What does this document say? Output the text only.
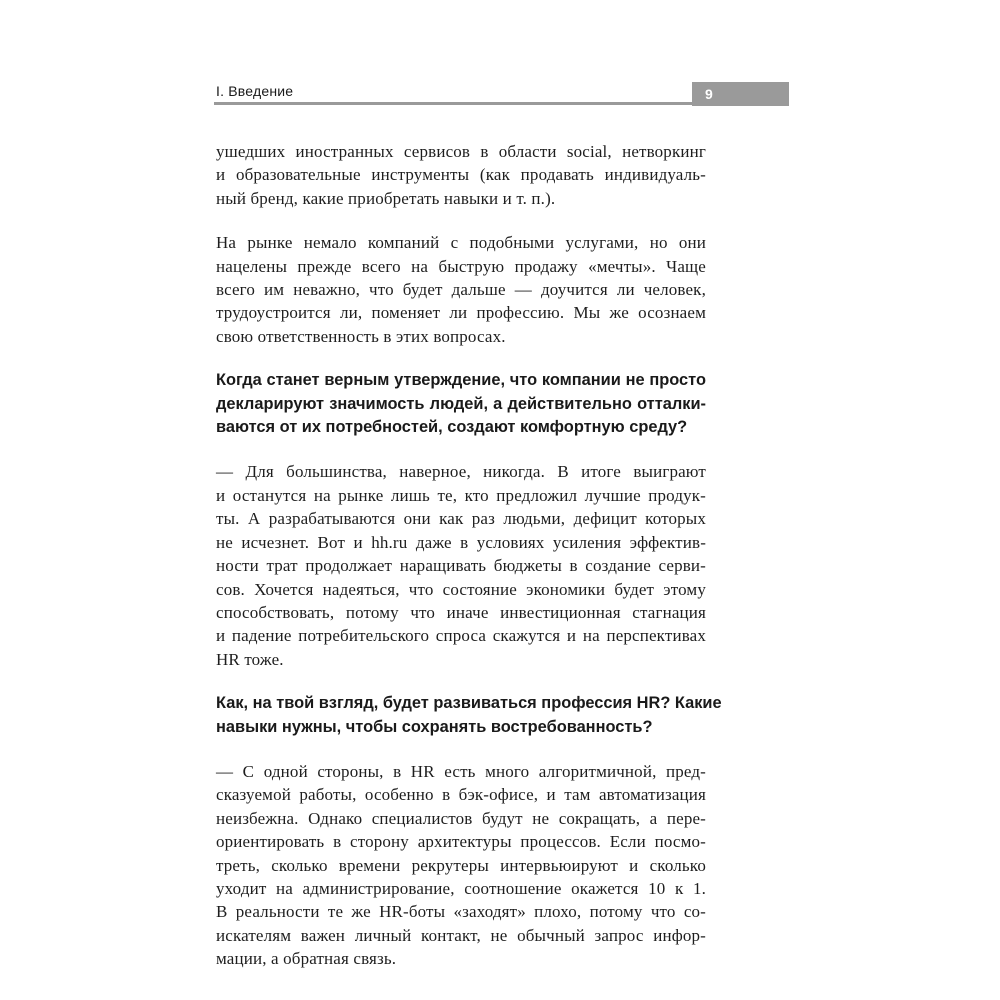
I. Введение	9
ушедших иностранных сервисов в области social, нетворкинг
и образовательные инструменты (как продавать индивидуаль-
ный бренд, какие приобретать навыки и т. п.).
На рынке немало компаний с подобными услугами, но они
нацелены прежде всего на быструю продажу «мечты». Чаще
всего им неважно, что будет дальше — доучится ли человек,
трудоустроится ли, поменяет ли профессию. Мы же осознаем
свою ответственность в этих вопросах.
Когда станет верным утверждение, что компании не просто
декларируют значимость людей, а действительно отталки-
ваются от их потребностей, создают комфортную среду?
— Для большинства, наверное, никогда. В итоге выиграют
и останутся на рынке лишь те, кто предложил лучшие продук-
ты. А разрабатываются они как раз людьми, дефицит которых
не исчезнет. Вот и hh.ru даже в условиях усиления эффектив-
ности трат продолжает наращивать бюджеты в создание серви-
сов. Хочется надеяться, что состояние экономики будет этому
способствовать, потому что иначе инвестиционная стагнация
и падение потребительского спроса скажутся и на перспективах
HR тоже.
Как, на твой взгляд, будет развиваться профессия HR? Какие
навыки нужны, чтобы сохранять востребованность?
— С одной стороны, в HR есть много алгоритмичной, пред-
сказуемой работы, особенно в бэк-офисе, и там автоматизация
неизбежна. Однако специалистов будут не сокращать, а пере-
ориентировать в сторону архитектуры процессов. Если посмо-
треть, сколько времени рекрутеры интервьюируют и сколько
уходит на администрирование, соотношение окажется 10 к 1.
В реальности те же HR-боты «заходят» плохо, потому что со-
искателям важен личный контакт, не обычный запрос инфор-
мации, а обратная связь.
